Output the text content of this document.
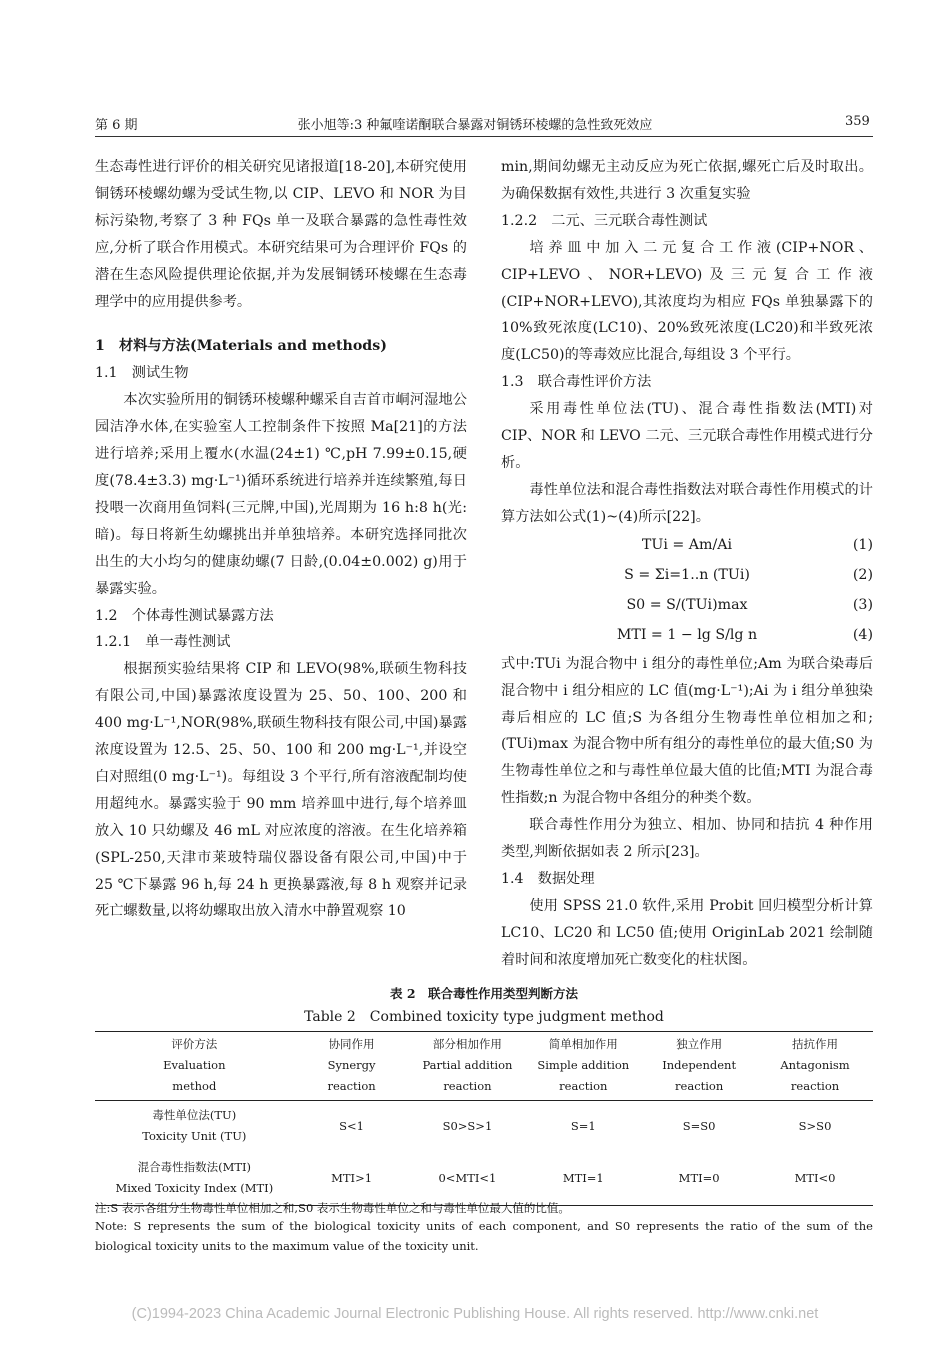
第 6 期	张小旭等:3 种氟喹诺酮联合暴露对铜锈环棱螺的急性致死效应	359

生态毒性进行评价的相关研究见诸报道[18-20],本研究使用铜锈环棱螺幼螺为受试生物,以 CIP、LEVO 和 NOR 为目标污染物,考察了 3 种 FQs 单一及联合暴露的急性毒性效应,分析了联合作用模式。本研究结果可为合理评价 FQs 的潜在生态风险提供理论依据,并为发展铜锈环棱螺在生态毒理学中的应用提供参考。

1　材料与方法(Materials and methods)
1.1　测试生物

本次实验所用的铜锈环棱螺种螺采自吉首市峒河湿地公园洁净水体,在实验室人工控制条件下按照 Ma[21]的方法进行培养;采用上覆水(水温(24±1) ℃,pH 7.99±0.15,硬度(78.4±3.3) mg·L⁻¹)循环系统进行培养并连续繁殖,每日投喂一次商用鱼饲料(三元牌,中国),光周期为 16 h:8 h(光:暗)。每日将新生幼螺挑出并单独培养。本研究选择同批次出生的大小均匀的健康幼螺(7 日龄,(0.04±0.002) g)用于暴露实验。

1.2　个体毒性测试暴露方法
1.2.1　单一毒性测试

根据预实验结果将 CIP 和 LEVO(98%,联硕生物科技有限公司,中国)暴露浓度设置为 25、50、100、200 和 400 mg·L⁻¹,NOR(98%,联硕生物科技有限公司,中国)暴露浓度设置为 12.5、25、50、100 和 200 mg·L⁻¹,并设空白对照组(0 mg·L⁻¹)。每组设 3 个平行,所有溶液配制均使用超纯水。暴露实验于 90 mm 培养皿中进行,每个培养皿放入 10 只幼螺及 46 mL 对应浓度的溶液。在生化培养箱(SPL-250,天津市莱玻特瑞仪器设备有限公司,中国)中于 25 ℃下暴露 96 h,每 24 h 更换暴露液,每 8 h 观察并记录死亡螺数量,以将幼螺取出放入清水中静置观察 10

min,期间幼螺无主动反应为死亡依据,螺死亡后及时取出。为确保数据有效性,共进行 3 次重复实验

1.2.2　二元、三元联合毒性测试

培养皿中加入二元复合工作液(CIP+NOR、CIP+LEVO、NOR+LEVO)及三元复合工作液(CIP+NOR+LEVO),其浓度均为相应 FQs 单独暴露下的 10%致死浓度(LC10)、20%致死浓度(LC20)和半致死浓度(LC50)的等毒效应比混合,每组设 3 个平行。

1.3　联合毒性评价方法

采用毒性单位法(TU)、混合毒性指数法(MTI)对 CIP、NOR 和 LEVO 二元、三元联合毒性作用模式进行分析。

毒性单位法和混合毒性指数法对联合毒性作用模式的计算方法如公式(1)~(4)所示[22]。

TUi = Am/Ai	(1)
S = Σi=1..n (TUi)	(2)
S0 = S/(TUi)max	(3)
MTI = 1 − lg S/lg n	(4)

式中:TUi 为混合物中 i 组分的毒性单位;Am 为联合染毒后混合物中 i 组分相应的 LC 值(mg·L⁻¹);Ai 为 i 组分单独染毒后相应的 LC 值;S 为各组分生物毒性单位相加之和;(TUi)max 为混合物中所有组分的毒性单位的最大值;S0 为生物毒性单位之和与毒性单位最大值的比值;MTI 为混合毒性指数;n 为混合物中各组分的种类个数。

联合毒性作用分为独立、相加、协同和拮抗 4 种作用类型,判断依据如表 2 所示[23]。

1.4　数据处理

使用 SPSS 21.0 软件,采用 Probit 回归模型分析计算 LC10、LC20 和 LC50 值;使用 OriginLab 2021 绘制随着时间和浓度增加死亡数变化的柱状图。

表 2　联合毒性作用类型判断方法
Table 2　Combined toxicity type judgment method
评价方法
Evaluation
method	协同作用
Synergy
reaction	部分相加作用
Partial addition
reaction	简单相加作用
Simple addition
reaction	独立作用
Independent
reaction	拮抗作用
Antagonism
reaction
毒性单位法(TU)
Toxicity Unit (TU)	S<1	S0>S>1	S=1	S=S0	S>S0
混合毒性指数法(MTI)
Mixed Toxicity Index (MTI)	MTI>1	0<MTI<1	MTI=1	MTI=0	MTI<0
注:S 表示各组分生物毒性单位相加之和,S0 表示生物毒性单位之和与毒性单位最大值的比值。
Note: S represents the sum of the biological toxicity units of each component, and S0 represents the ratio of the sum of the biological toxicity units to the maximum value of the toxicity unit.
(C)1994-2023 China Academic Journal Electronic Publishing House. All rights reserved. http://www.cnki.net
